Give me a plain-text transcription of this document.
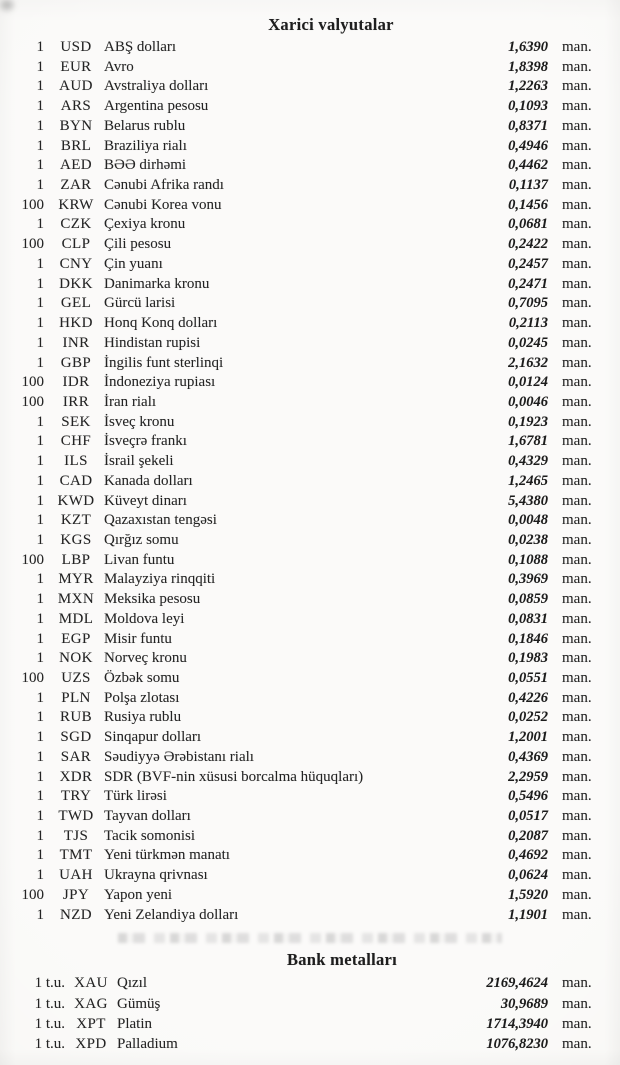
Xarici valyutalar
1	USD ABŞ dolları	1,6390 man.
1	EUR Avro	1,8398 man.
1	AUD Avstraliya dolları	1,2263 man.
1	ARS Argentina pesosu	0,1093 man.
1	BYN Belarus rublu	0,8371 man.
1	BRL Braziliya rialı	0,4946 man.
1	AED BƏƏ dirhəmi	0,4462 man.
1	ZAR Cənubi Afrika randı	0,1137 man.
100 KRW Cənubi Korea vonu	0,1456 man.
1	CZK Çexiya kronu	0,0681 man.
100	CLP Çili pesosu	0,2422 man.
1	CNY Çin yuanı	0,2457 man.
1	DKK Danimarka kronu	0,2471 man.
1	GEL Gürcü larisi	0,7095 man.
1	HKD Honq Konq dolları	0,2113 man.
1	INR Hindistan rupisi	0,0245 man.
1	GBP İngilis funt sterlinqi	2,1632 man.
100	IDR İndoneziya rupiası	0,0124 man.
100	IRR İran rialı	0,0046 man.
1	SEK İsveç kronu	0,1923 man.
1	CHF İsveçrə frankı	1,6781 man.
1	ILS	İsrail şekeli	0,4329 man.
1	CAD Kanada dolları	1,2465 man.
1 KWD Küveyt dinarı	5,4380 man.
1	KZT Qazaxıstan tengəsi	0,0048 man.
1	KGS Qırğız somu	0,0238 man.
100	LBP Livan funtu	0,1088 man.
1 MYR Malayziya rinqqiti	0,3969 man.
1 MXN Meksika pesosu	0,0859 man.
1 MDL Moldova leyi	0,0831 man.
1	EGP Misir funtu	0,1846 man.
1	NOK Norveç kronu	0,1983 man.
100	UZS Özbək somu	0,0551 man.
1	PLN Polşa zlotası	0,4226 man.
1	RUB Rusiya rublu	0,0252 man.
1	SGD Sinqapur dolları	1,2001 man.
1	SAR Səudiyyə Ərəbistanı rialı	0,4369 man.
1	XDR SDR (BVF-nin xüsusi borcalma hüquqları)	2,2959 man.
1	TRY Türk lirəsi	0,5496 man.
1 TWD Tayvan dolları	0,0517 man.
1	TJS	Tacik somonisi	0,2087 man.
1	TMT Yeni türkmən manatı	0,4692 man.
1	UAH Ukrayna qrivnası	0,0624 man.
100	JPY Yapon yeni	1,5920 man.
1	NZD Yeni Zelandiya dolları	1,1901 man.
Bank metalları
1 t.u. XAU Qızıl	2169,4624 man.
1 t.u. XAG Gümüş	30,9689 man.
1 t.u. XPT Platin	1714,3940 man.
1 t.u. XPD Palladium	1076,8230 man.
